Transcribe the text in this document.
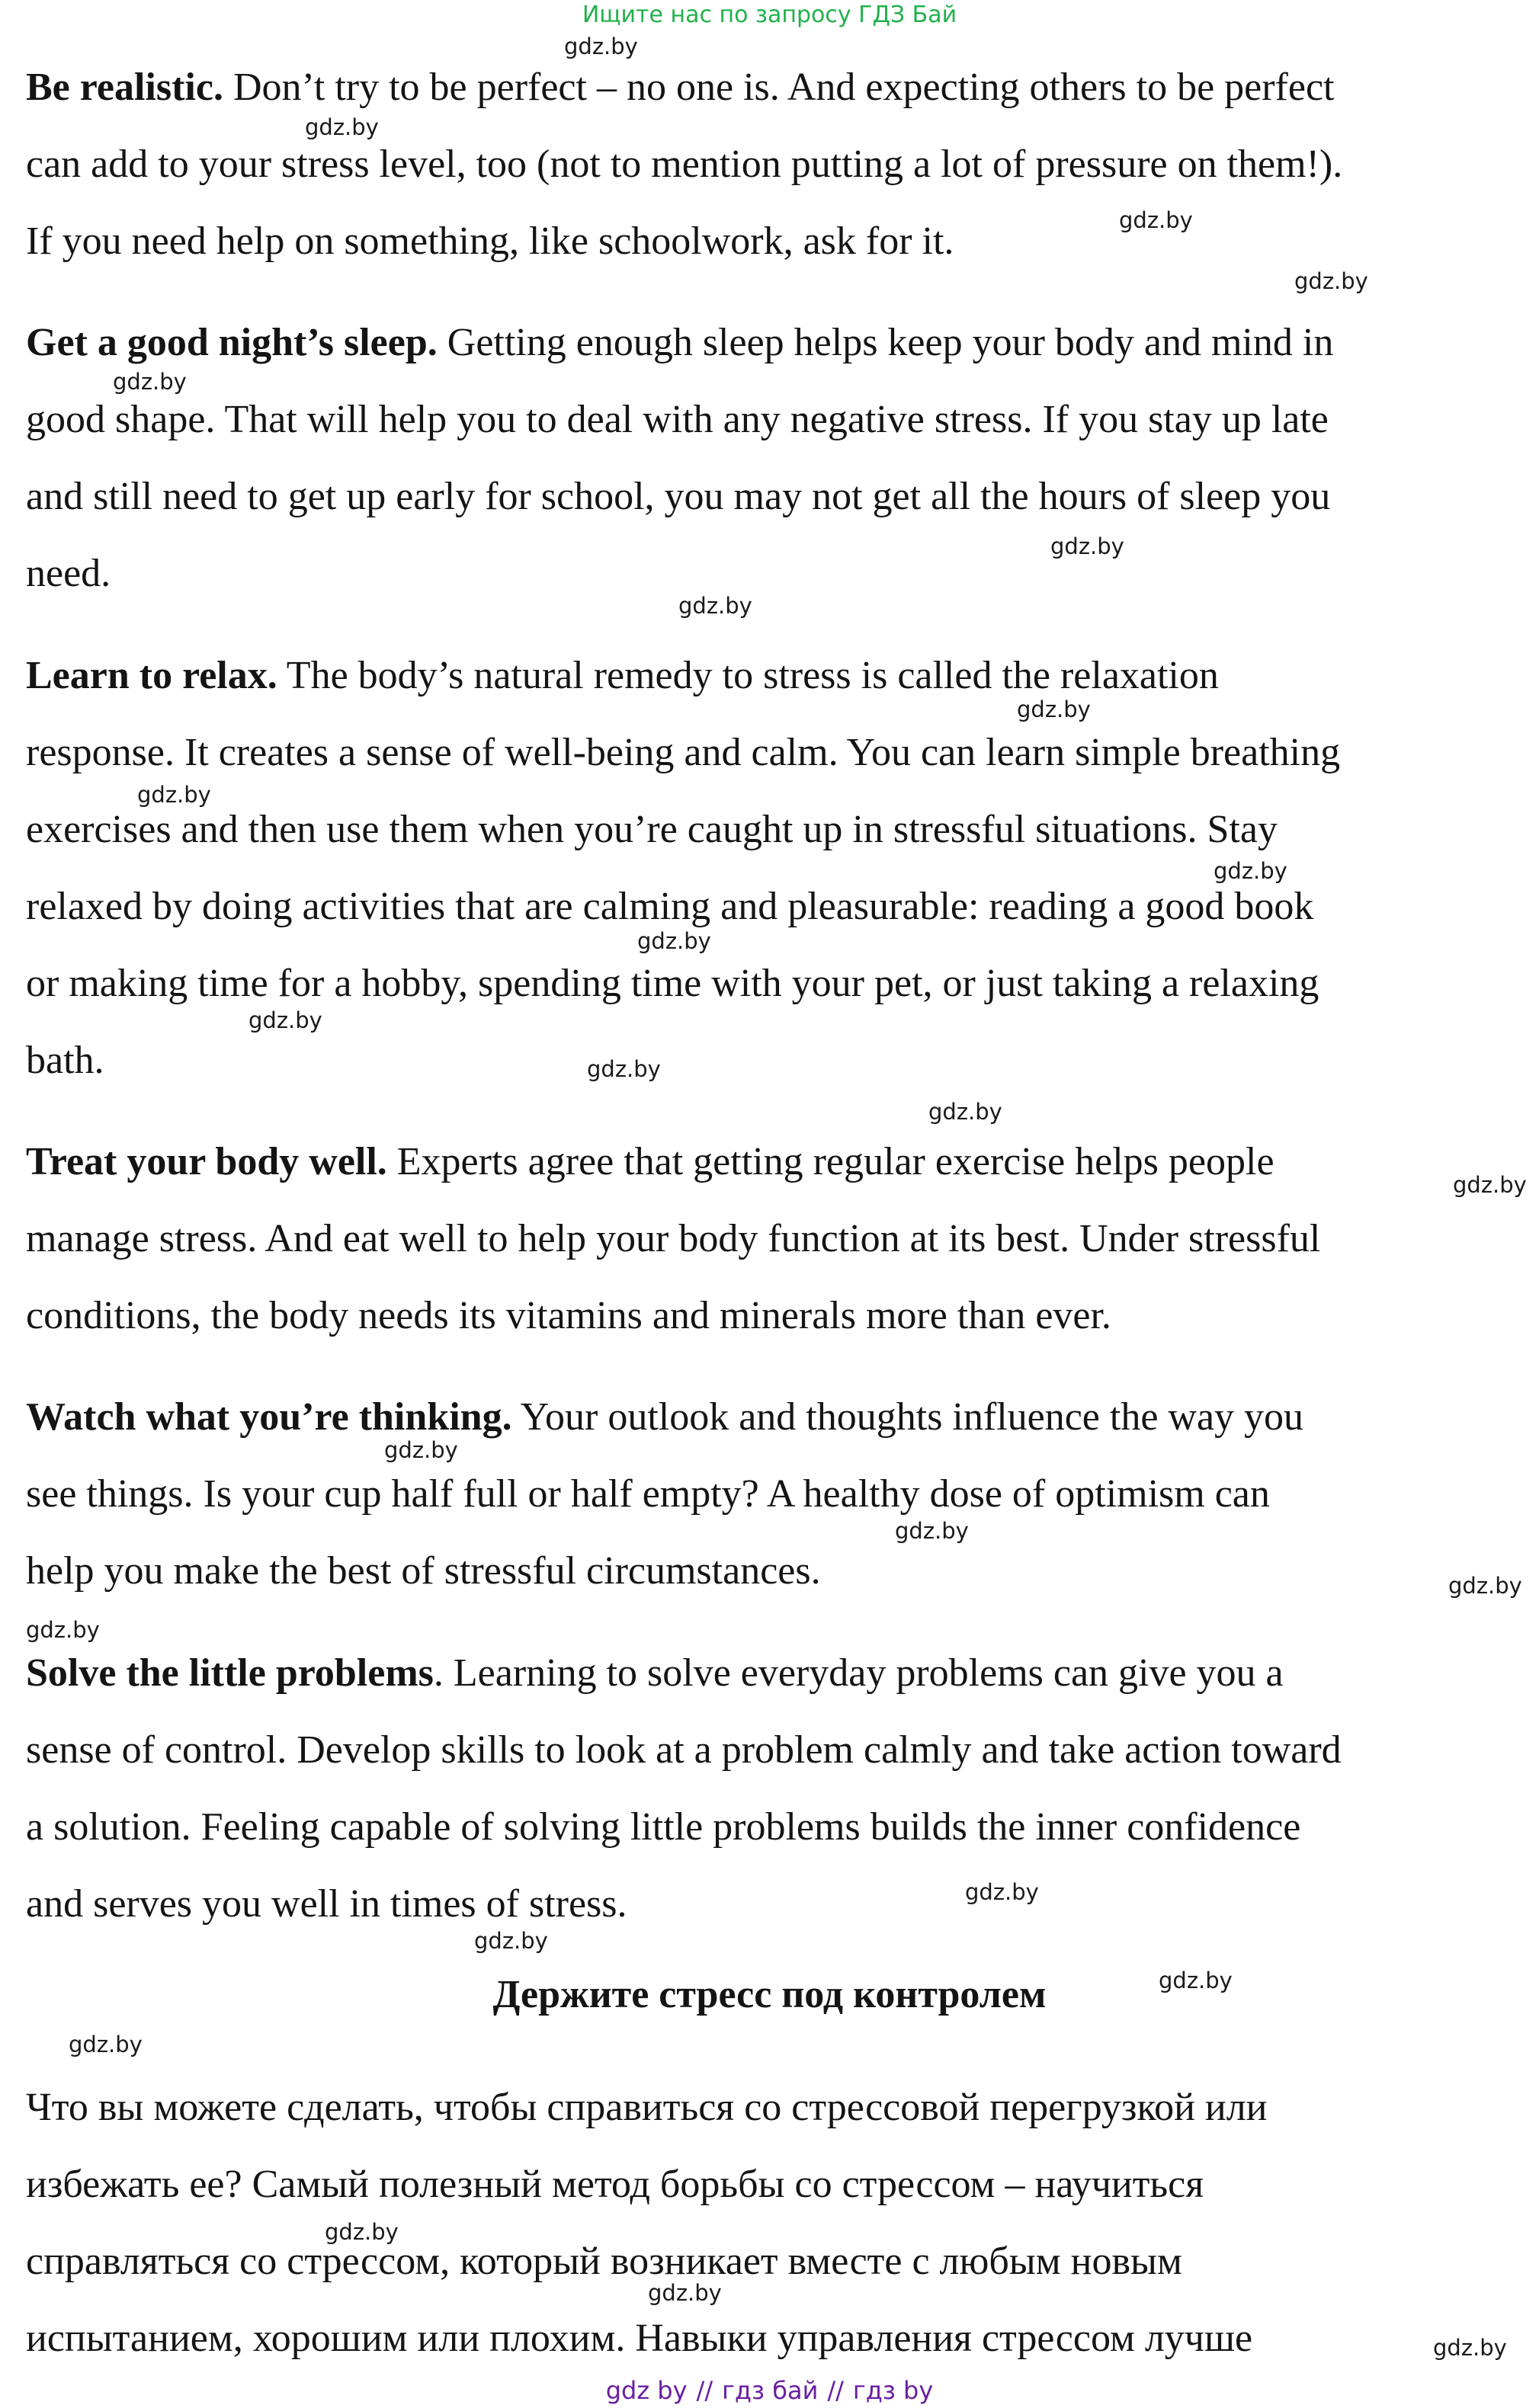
Ищите нас по запросу ГДЗ Бай
Be realistic. Don’t try to be perfect – no one is. And expecting others to be perfect
can add to your stress level, too (not to mention putting a lot of pressure on them!).
If you need help on something, like schoolwork, ask for it.
Get a good night’s sleep. Getting enough sleep helps keep your body and mind in
good shape. That will help you to deal with any negative stress. If you stay up late
and still need to get up early for school, you may not get all the hours of sleep you
need.
Learn to relax. The body’s natural remedy to stress is called the relaxation
response. It creates a sense of well-being and calm. You can learn simple breathing
exercises and then use them when you’re caught up in stressful situations. Stay
relaxed by doing activities that are calming and pleasurable: reading a good book
or making time for a hobby, spending time with your pet, or just taking a relaxing
bath.
Treat your body well. Experts agree that getting regular exercise helps people
manage stress. And eat well to help your body function at its best. Under stressful
conditions, the body needs its vitamins and minerals more than ever.
Watch what you’re thinking. Your outlook and thoughts influence the way you
see things. Is your cup half full or half empty? A healthy dose of optimism can
help you make the best of stressful circumstances.
Solve the little problems. Learning to solve everyday problems can give you a
sense of control. Develop skills to look at a problem calmly and take action toward
a solution. Feeling capable of solving little problems builds the inner confidence
and serves you well in times of stress.
Держите стресс под контролем
Что вы можете сделать, чтобы справиться со стрессовой перегрузкой или
избежать ее? Самый полезный метод борьбы со стрессом – научиться
справляться со стрессом, который возникает вместе с любым новым
испытанием, хорошим или плохим. Навыки управления стрессом лучше
gdz.by
gdz.by
gdz.by
gdz.by
gdz.by
gdz.by
gdz.by
gdz.by
gdz.by
gdz.by
gdz.by
gdz.by
gdz.by
gdz.by
gdz.by
gdz.by
gdz.by
gdz.by
gdz.by
gdz.by
gdz.by
gdz.by
gdz.by
gdz.by
gdz.by
gdz.by
gdz by // гдз бай // гдз by
